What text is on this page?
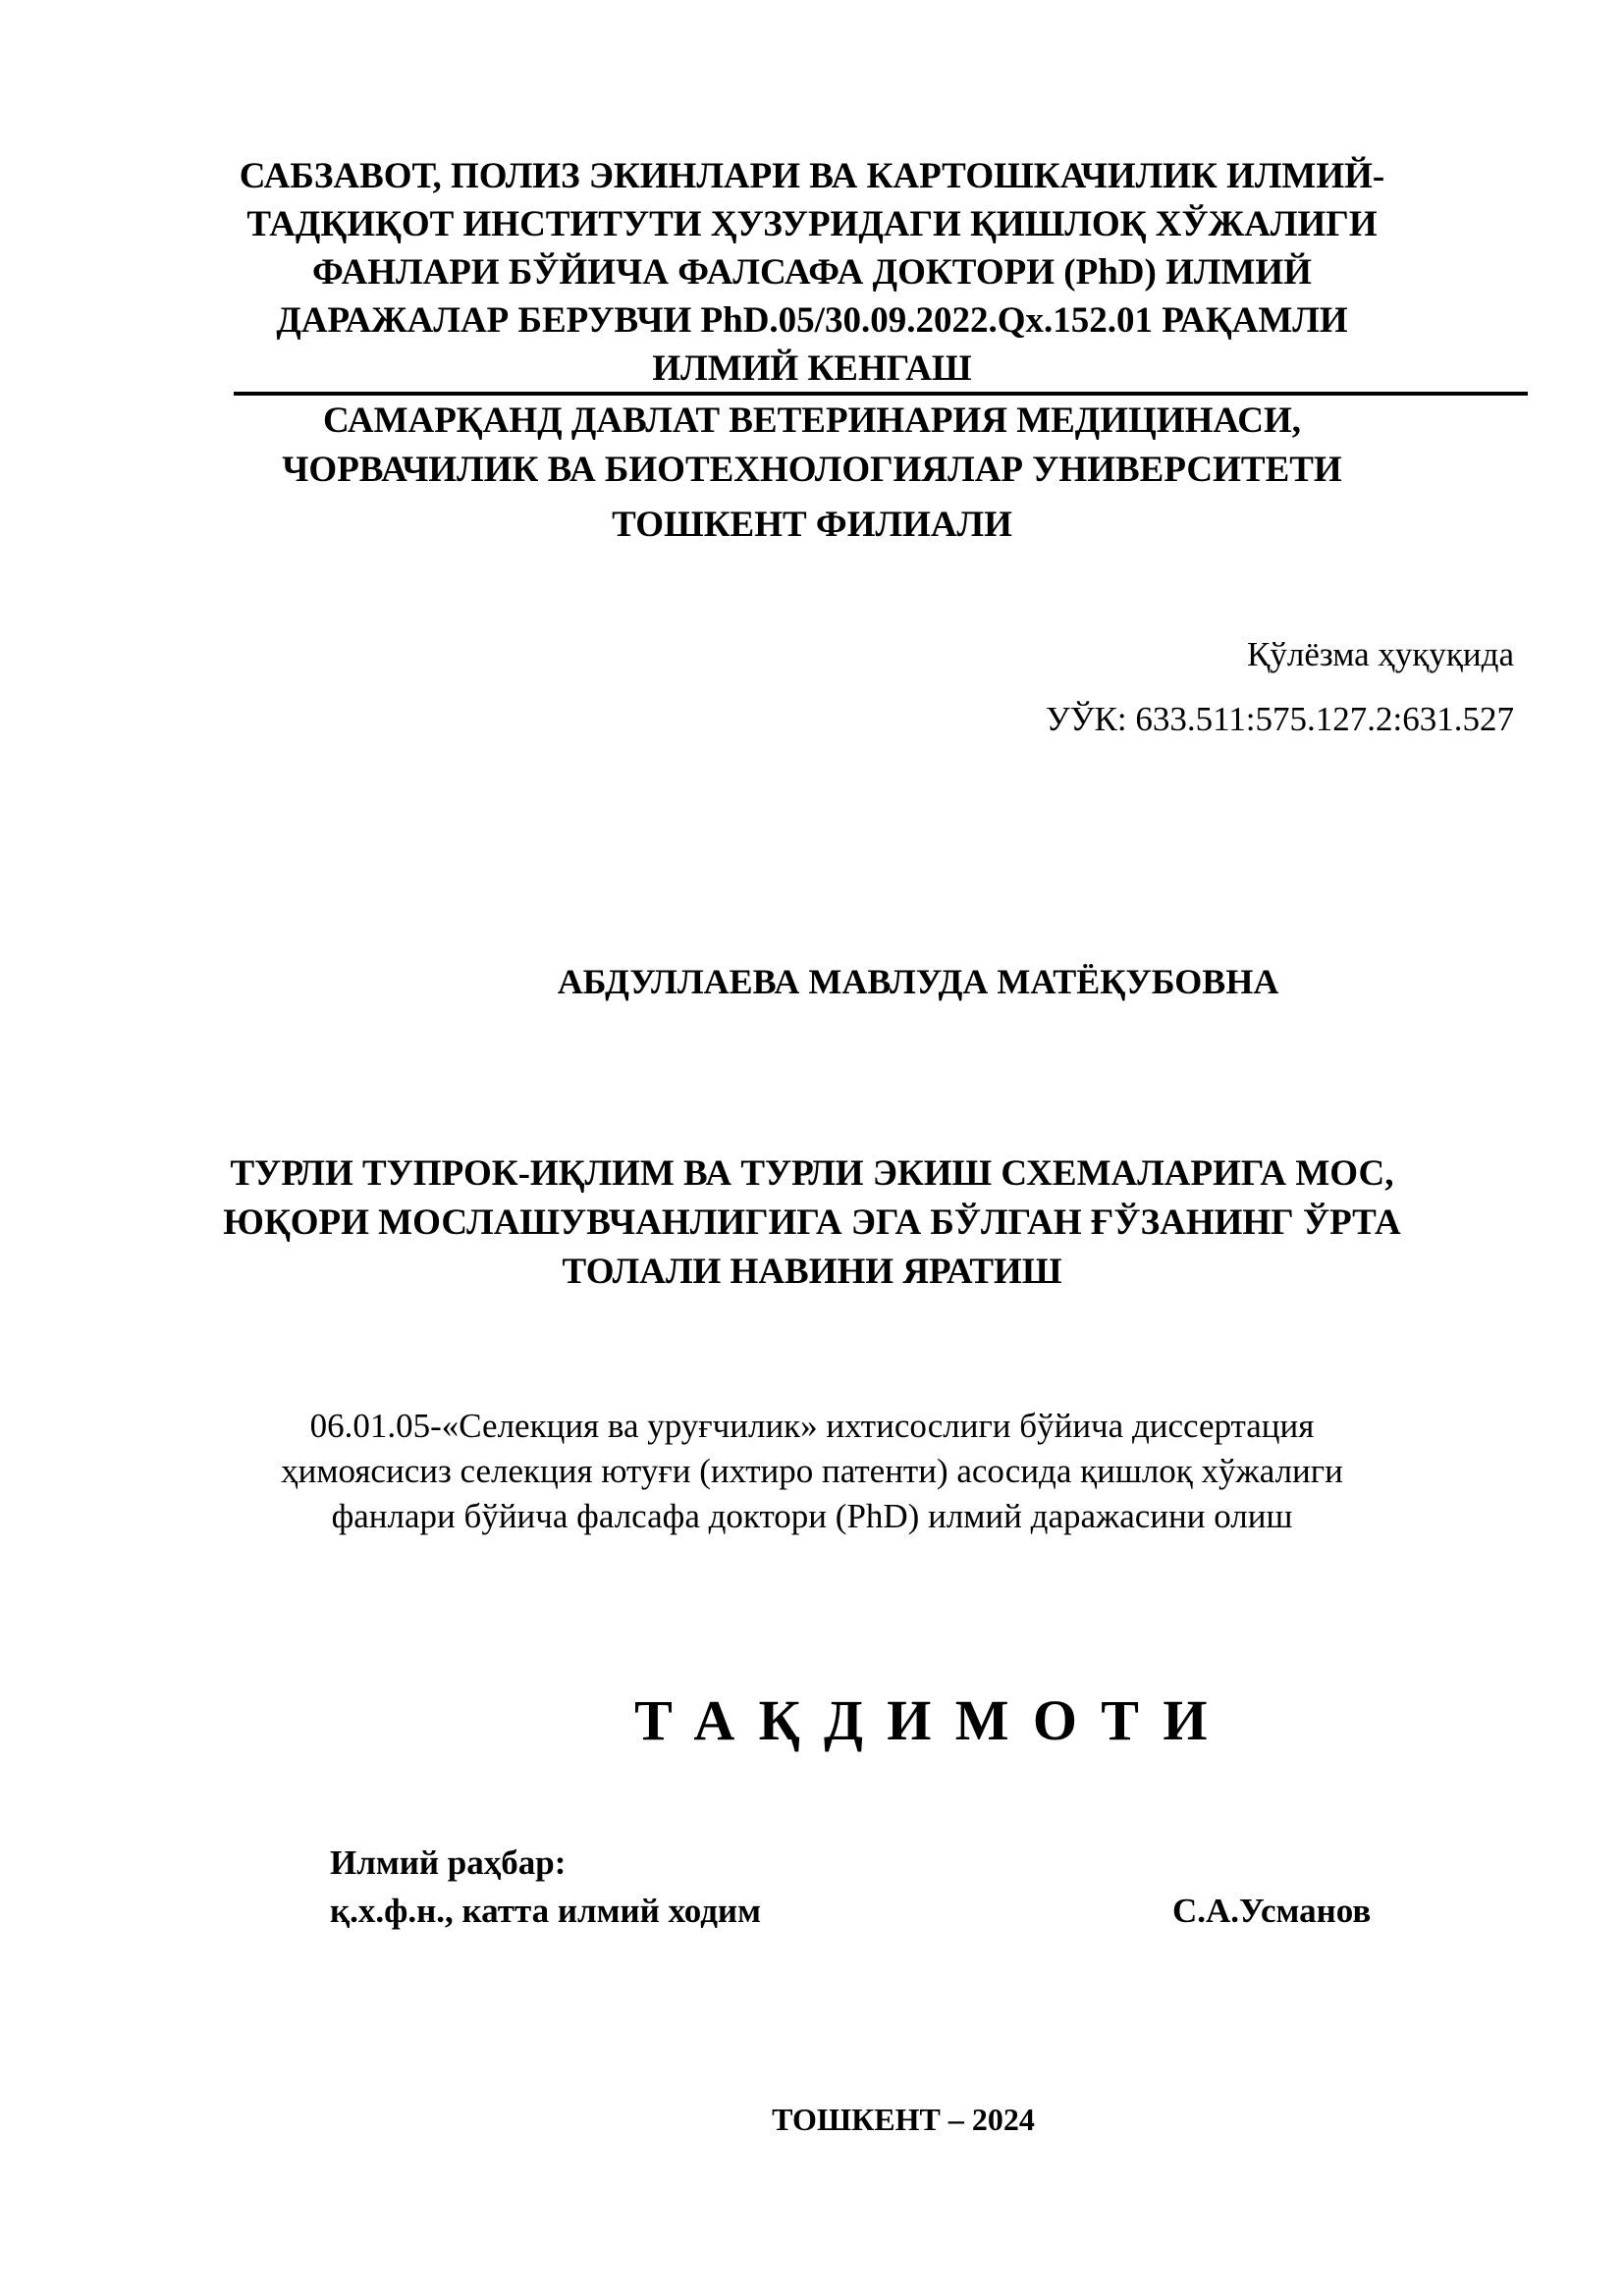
САБЗАВОТ, ПОЛИЗ ЭКИНЛАРИ ВА КАРТОШКАЧИЛИК ИЛМИЙ-
ТАДҚИҚОТ ИНСТИТУТИ ҲУЗУРИДАГИ ҚИШЛОҚ ХЎЖАЛИГИ
ФАНЛАРИ БЎЙИЧА ФАЛСАФА ДОКТОРИ (PhD) ИЛМИЙ
ДАРАЖАЛАР БЕРУВЧИ PhD.05/30.09.2022.Qx.152.01 РАҚАМЛИ
ИЛМИЙ КЕНГАШ
САМАРҚАНД ДАВЛАТ ВЕТЕРИНАРИЯ МЕДИЦИНАСИ,
ЧОРВАЧИЛИК ВА БИОТЕХНОЛОГИЯЛАР УНИВЕРСИТЕТИ
ТОШКЕНТ ФИЛИАЛИ
Қўлёзма ҳуқуқида
УЎК: 633.511:575.127.2:631.527
АБДУЛЛАЕВА МАВЛУДА МАТЁҚУБОВНА
ТУРЛИ ТУПРОК-ИҚЛИМ ВА ТУРЛИ ЭКИШ СХЕМАЛАРИГА МОС,
ЮҚОРИ МОСЛАШУВЧАНЛИГИГА ЭГА БЎЛГАН ҒЎЗАНИНГ ЎРТА
ТОЛАЛИ НАВИНИ ЯРАТИШ
06.01.05-«Селекция ва уруғчилик» ихтисослиги бўйича диссертация
ҳимоясисиз селекция ютуғи (ихтиро патенти) асосида қишлоқ хўжалиги
фанлари бўйича фалсафа доктори (PhD) илмий даражасини олиш
ТАҚДИМОТИ
Илмий раҳбар:
қ.х.ф.н., катта илмий ходим	С.А.Усманов
ТОШКЕНТ – 2024
